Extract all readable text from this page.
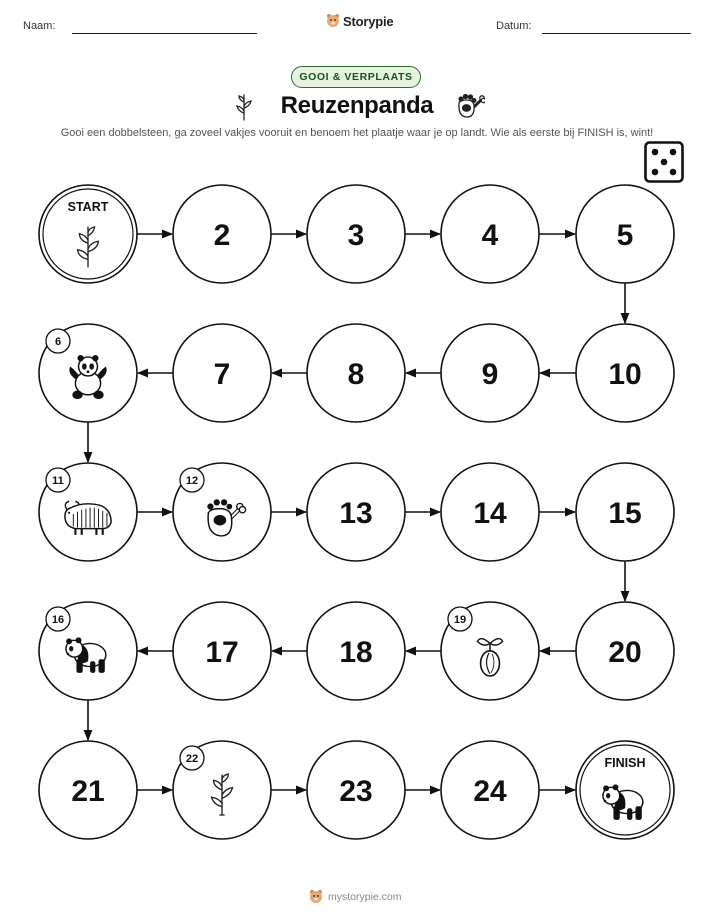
Naam:	Storypie	Datum:
GOOI & VERPLAATS
Reuzenpanda
Gooi een dobbelsteen, ga zoveel vakjes vooruit en benoem het plaatje waar je op landt. Wie als eerste bij FINISH is, wint!
START
2	3	4	5
10
9
8
7
6
11	12
13	14	15
20
19
18
17
16
21
22
23	24
FINISH
mystorypie.com
